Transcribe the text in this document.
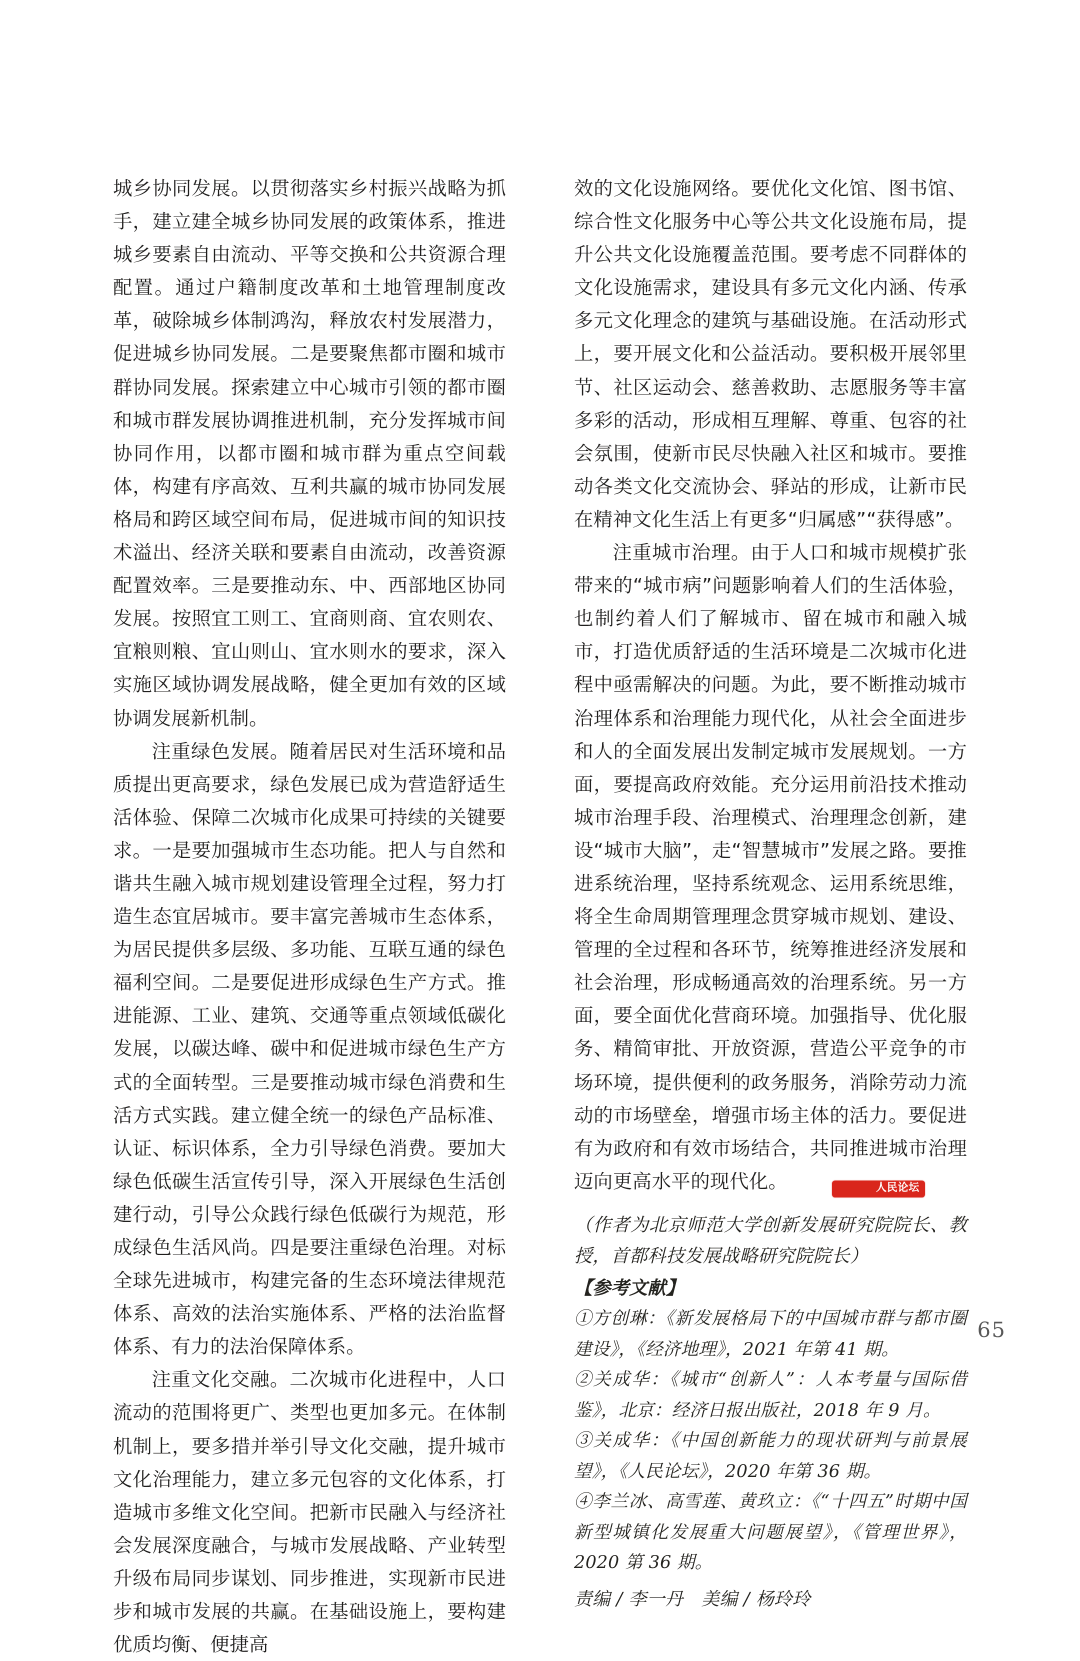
城乡协同发展。以贯彻落实乡村振兴战略为抓手，建立建全城乡协同发展的政策体系，推进城乡要素自由流动、平等交换和公共资源合理配置。通过户籍制度改革和土地管理制度改革，破除城乡体制鸿沟，释放农村发展潜力，促进城乡协同发展。二是要聚焦都市圈和城市群协同发展。探索建立中心城市引领的都市圈和城市群发展协调推进机制，充分发挥城市间协同作用，以都市圈和城市群为重点空间载体，构建有序高效、互利共赢的城市协同发展格局和跨区域空间布局，促进城市间的知识技术溢出、经济关联和要素自由流动，改善资源配置效率。三是要推动东、中、西部地区协同发展。按照宜工则工、宜商则商、宜农则农、宜粮则粮、宜山则山、宜水则水的要求，深入实施区域协调发展战略，健全更加有效的区域协调发展新机制。

注重绿色发展。随着居民对生活环境和品质提出更高要求，绿色发展已成为营造舒适生活体验、保障二次城市化成果可持续的关键要求。一是要加强城市生态功能。把人与自然和谐共生融入城市规划建设管理全过程，努力打造生态宜居城市。要丰富完善城市生态体系，为居民提供多层级、多功能、互联互通的绿色福利空间。二是要促进形成绿色生产方式。推进能源、工业、建筑、交通等重点领域低碳化发展，以碳达峰、碳中和促进城市绿色生产方式的全面转型。三是要推动城市绿色消费和生活方式实践。建立健全统一的绿色产品标准、认证、标识体系，全力引导绿色消费。要加大绿色低碳生活宣传引导，深入开展绿色生活创建行动，引导公众践行绿色低碳行为规范，形成绿色生活风尚。四是要注重绿色治理。对标全球先进城市，构建完备的生态环境法律规范体系、高效的法治实施体系、严格的法治监督体系、有力的法治保障体系。

注重文化交融。二次城市化进程中，人口流动的范围将更广、类型也更加多元。在体制机制上，要多措并举引导文化交融，提升城市文化治理能力，建立多元包容的文化体系，打造城市多维文化空间。把新市民融入与经济社会发展深度融合，与城市发展战略、产业转型升级布局同步谋划、同步推进，实现新市民进步和城市发展的共赢。在基础设施上，要构建优质均衡、便捷高

效的文化设施网络。要优化文化馆、图书馆、综合性文化服务中心等公共文化设施布局，提升公共文化设施覆盖范围。要考虑不同群体的文化设施需求，建设具有多元文化内涵、传承多元文化理念的建筑与基础设施。在活动形式上，要开展文化和公益活动。要积极开展邻里节、社区运动会、慈善救助、志愿服务等丰富多彩的活动，形成相互理解、尊重、包容的社会氛围，使新市民尽快融入社区和城市。要推动各类文化交流协会、驿站的形成，让新市民在精神文化生活上有更多“归属感”“获得感”。

注重城市治理。由于人口和城市规模扩张带来的“城市病”问题影响着人们的生活体验，也制约着人们了解城市、留在城市和融入城市，打造优质舒适的生活环境是二次城市化进程中亟需解决的问题。为此，要不断推动城市治理体系和治理能力现代化，从社会全面进步和人的全面发展出发制定城市发展规划。一方面，要提高政府效能。充分运用前沿技术推动城市治理手段、治理模式、治理理念创新，建设“城市大脑”，走“智慧城市”发展之路。要推进系统治理，坚持系统观念、运用系统思维，将全生命周期管理理念贯穿城市规划、建设、管理的全过程和各环节，统筹推进经济发展和社会治理，形成畅通高效的治理系统。另一方面，要全面优化营商环境。加强指导、优化服务、精简审批、开放资源，营造公平竞争的市场环境，提供便利的政务服务，消除劳动力流动的市场壁垒，增强市场主体的活力。要促进有为政府和有效市场结合，共同推进城市治理迈向更高水平的现代化。	人民论坛

（作者为北京师范大学创新发展研究院院长、教授，首都科技发展战略研究院院长）

【参考文献】

①方创琳：《新发展格局下的中国城市群与都市圈建设》，《经济地理》，2021 年第 41 期。

②关成华：《城市“创新人”：人本考量与国际借鉴》，北京：经济日报出版社，2018 年 9 月。

③关成华：《中国创新能力的现状研判与前景展望》，《人民论坛》，2020 年第 36 期。

④李兰冰、高雪莲、黄玖立：《“十四五”时期中国新型城镇化发展重大问题展望》，《管理世界》，2020 第 36 期。

责编 / 李一丹　美编 / 杨玲玲

65
